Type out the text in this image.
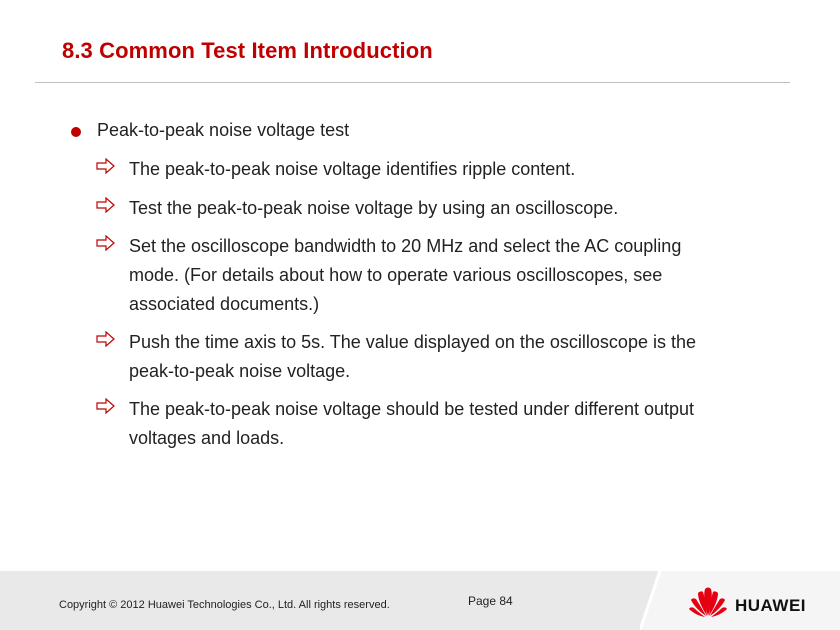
8.3 Common Test Item Introduction
Peak-to-peak noise voltage test
The peak-to-peak noise voltage identifies ripple content.
Test the peak-to-peak noise voltage by using an oscilloscope.
Set the oscilloscope bandwidth to 20 MHz and select the AC coupling
mode. (For details about how to operate various oscilloscopes, see
associated documents.)
Push the time axis to 5s. The value displayed on the oscilloscope is the
peak-to-peak noise voltage.
The peak-to-peak noise voltage should be tested under different output
voltages and loads.
Copyright © 2012 Huawei Technologies Co., Ltd. All rights reserved.	Page 84	HUAWEI
